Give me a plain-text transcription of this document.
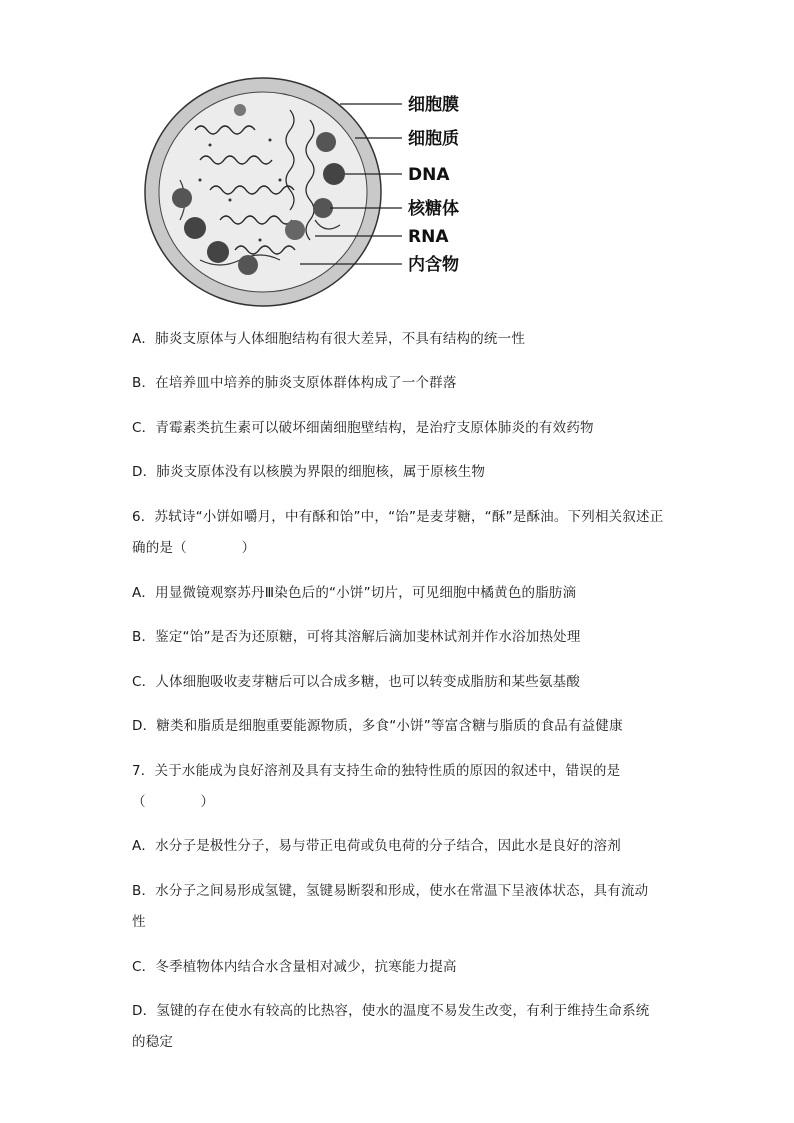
细胞膜
细胞质
DNA
核糖体
RNA
内含物
A．肺炎支原体与人体细胞结构有很大差异，不具有结构的统一性
B．在培养皿中培养的肺炎支原体群体构成了一个群落
C．青霉素类抗生素可以破坏细菌细胞壁结构，是治疗支原体肺炎的有效药物
D．肺炎支原体没有以核膜为界限的细胞核，属于原核生物
6．苏轼诗“小饼如嚼月，中有酥和饴”中，“饴”是麦芽糖，“酥”是酥油。下列相关叙述正
确的是（　　　　）
A．用显微镜观察苏丹Ⅲ染色后的“小饼”切片，可见细胞中橘黄色的脂肪滴
B．鉴定“饴”是否为还原糖，可将其溶解后滴加斐林试剂并作水浴加热处理
C．人体细胞吸收麦芽糖后可以合成多糖，也可以转变成脂肪和某些氨基酸
D．糖类和脂质是细胞重要能源物质，多食“小饼”等富含糖与脂质的食品有益健康
7．关于水能成为良好溶剂及具有支持生命的独特性质的原因的叙述中，错误的是
（　　　　）
A．水分子是极性分子，易与带正电荷或负电荷的分子结合，因此水是良好的溶剂
B．水分子之间易形成氢键，氢键易断裂和形成，使水在常温下呈液体状态，具有流动
性
C．冬季植物体内结合水含量相对减少，抗寒能力提高
D．氢键的存在使水有较高的比热容，使水的温度不易发生改变，有利于维持生命系统
的稳定
